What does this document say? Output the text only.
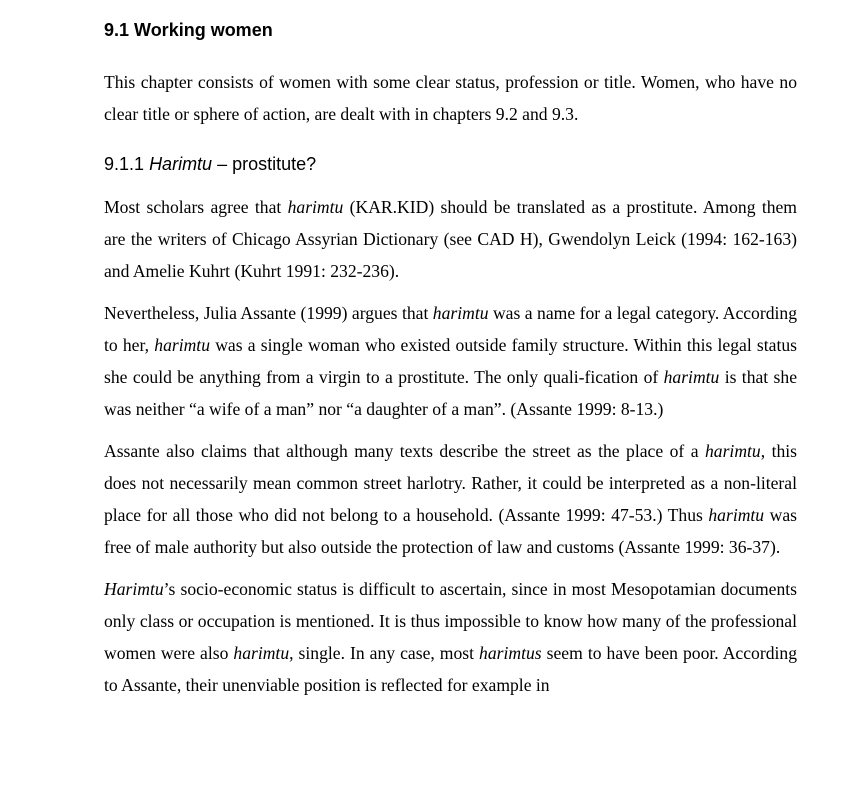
9.1 Working women

This chapter consists of women with some clear status, profession or title. Women, who have no clear title or sphere of action, are dealt with in chapters 9.2 and 9.3.

9.1.1 Harimtu – prostitute?

Most scholars agree that harimtu (KAR.KID) should be translated as a prostitute. Among them are the writers of Chicago Assyrian Dictionary (see CAD H), Gwendolyn Leick (1994: 162-163) and Amelie Kuhrt (Kuhrt 1991: 232-236).

Nevertheless, Julia Assante (1999) argues that harimtu was a name for a legal category. According to her, harimtu was a single woman who existed outside family structure. Within this legal status she could be anything from a virgin to a prostitute. The only quali-fication of harimtu is that she was neither “a wife of a man” nor “a daughter of a man”. (Assante 1999: 8-13.)

Assante also claims that although many texts describe the street as the place of a harimtu, this does not necessarily mean common street harlotry. Rather, it could be interpreted as a non-literal place for all those who did not belong to a household. (Assante 1999: 47-53.) Thus harimtu was free of male authority but also outside the protection of law and customs (Assante 1999: 36-37).

Harimtu’s socio-economic status is difficult to ascertain, since in most Mesopotamian documents only class or occupation is mentioned. It is thus impossible to know how many of the professional women were also harimtu, single. In any case, most harimtus seem to have been poor. According to Assante, their unenviable position is reflected for example in
